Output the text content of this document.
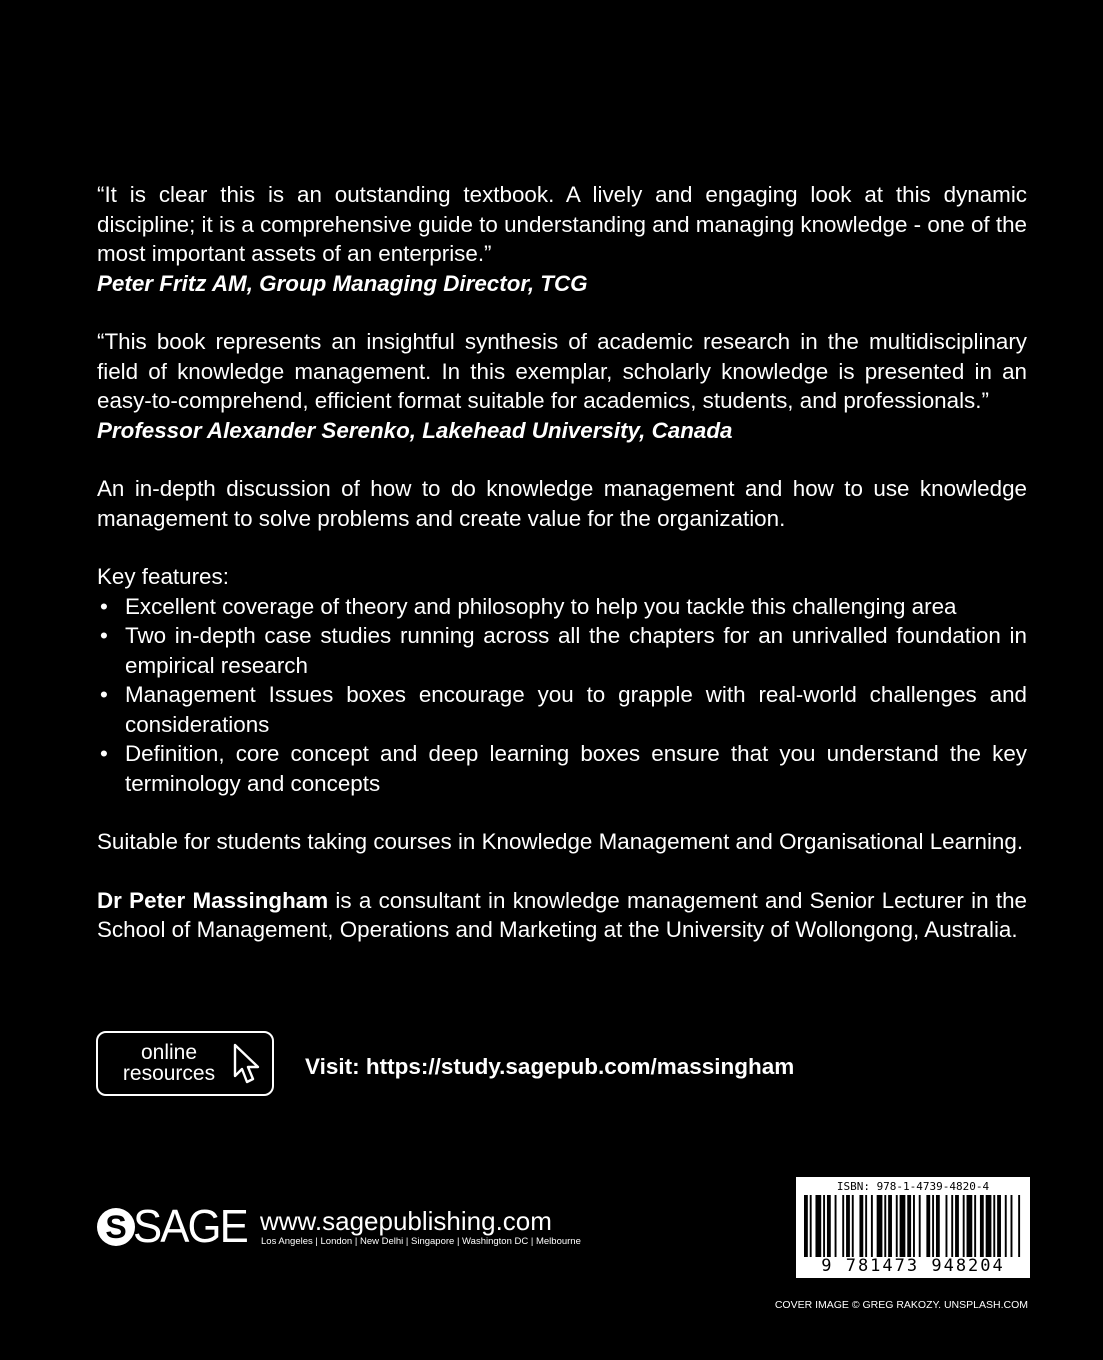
“It is clear this is an outstanding textbook. A lively and engaging look at this dynamic discipline; it is a comprehensive guide to understanding and managing knowledge - one of the most important assets of an enterprise.”

Peter Fritz AM, Group Managing Director, TCG

“This book represents an insightful synthesis of academic research in the multidisciplinary field of knowledge management. In this exemplar, scholarly knowledge is presented in an easy-to-comprehend, efficient format suitable for academics, students, and professionals.”

Professor Alexander Serenko, Lakehead University, Canada

An in-depth discussion of how to do knowledge management and how to use knowledge management to solve problems and create value for the organization.

Key features:

• Excellent coverage of theory and philosophy to help you tackle this challenging area
• Two in-depth case studies running across all the chapters for an unrivalled foundation in empirical research
• Management Issues boxes encourage you to grapple with real-world challenges and considerations
• Definition, core concept and deep learning boxes ensure that you understand the key terminology and concepts

Suitable for students taking courses in Knowledge Management and Organisational Learning.

Dr Peter Massingham is a consultant in knowledge management and Senior Lecturer in the School of Management, Operations and Marketing at the University of Wollongong, Australia.

online
resources	Visit: https://study.sagepub.com/massingham
S SAGE www.sagepublishing.com
Los Angeles | London | New Delhi | Singapore | Washington DC | Melbourne
ISBN: 978-1-4739-4820-4
9 781473 948204
COVER IMAGE © GREG RAKOZY. UNSPLASH.COM
